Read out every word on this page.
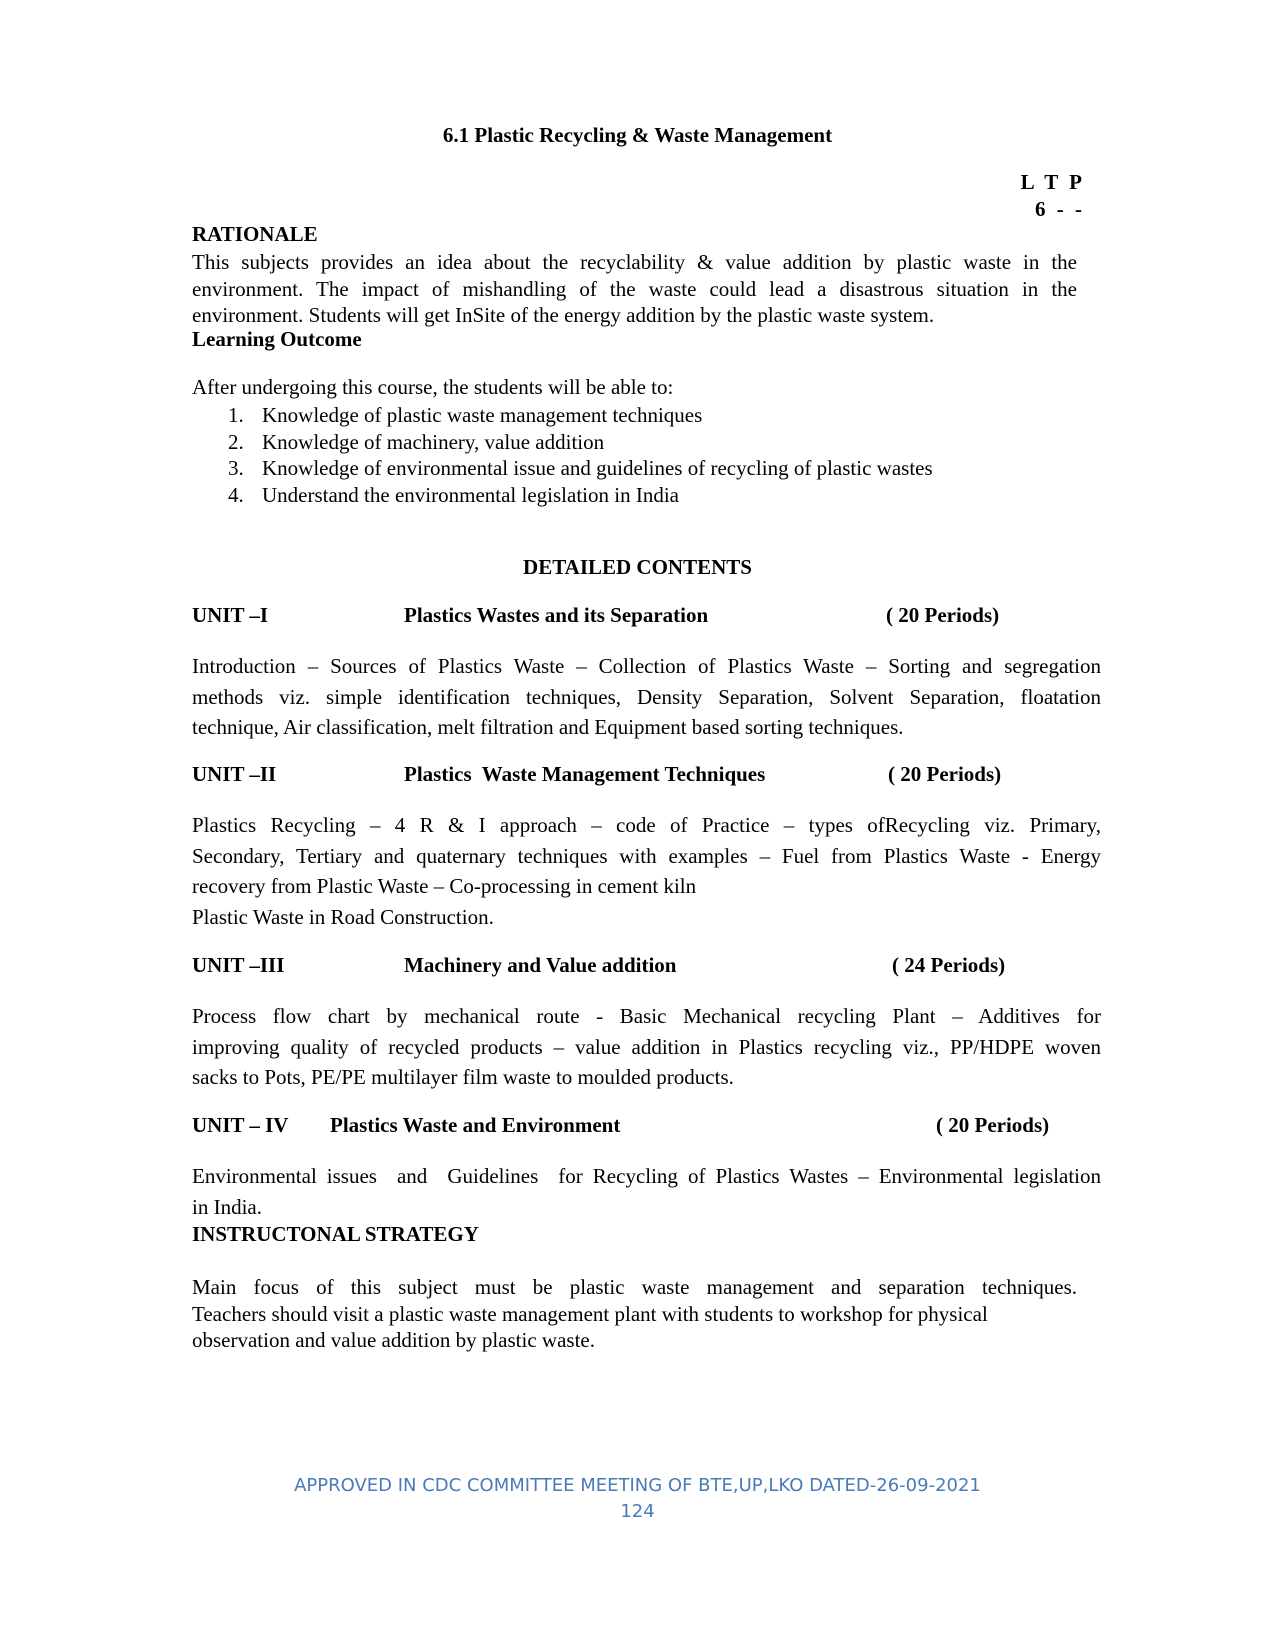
6.1 Plastic Recycling & Waste Management
L T P
6 - -
RATIONALE
This subjects provides an idea about the recyclability & value addition by plastic waste in the
environment. The impact of mishandling of the waste could lead a disastrous situation in the
environment. Students will get InSite of the energy addition by the plastic waste system.
Learning Outcome
After undergoing this course, the students will be able to:
1. Knowledge of plastic waste management techniques
2. Knowledge of machinery, value addition
3. Knowledge of environmental issue and guidelines of recycling of plastic wastes
4. Understand the environmental legislation in India
DETAILED CONTENTS
UNIT –I	Plastics Wastes and its Separation	( 20 Periods)
Introduction – Sources of Plastics Waste – Collection of Plastics Waste – Sorting and segregation
methods viz. simple identification techniques, Density Separation, Solvent Separation, floatation
technique, Air classification, melt filtration and Equipment based sorting techniques.
UNIT –II	Plastics  Waste Management Techniques	( 20 Periods)
Plastics Recycling – 4 R & I approach – code of Practice – types ofRecycling viz. Primary,
Secondary, Tertiary and quaternary techniques with examples – Fuel from Plastics Waste - Energy
recovery from Plastic Waste – Co-processing in cement kiln
Plastic Waste in Road Construction.
UNIT –III	Machinery and Value addition	( 24 Periods)
Process flow chart by mechanical route - Basic Mechanical recycling Plant – Additives for
improving quality of recycled products – value addition in Plastics recycling viz., PP/HDPE woven
sacks to Pots, PE/PE multilayer film waste to moulded products.
UNIT – IV Plastics Waste and Environment	( 20 Periods)
Environmental issues  and  Guidelines  for Recycling of Plastics Wastes – Environmental legislation
in India.
INSTRUCTONAL STRATEGY
Main focus of this subject must be plastic waste management and separation techniques.
Teachers should visit a plastic waste management plant with students to workshop for physical
observation and value addition by plastic waste.
APPROVED IN CDC COMMITTEE MEETING OF BTE,UP,LKO DATED-26-09-2021
124
